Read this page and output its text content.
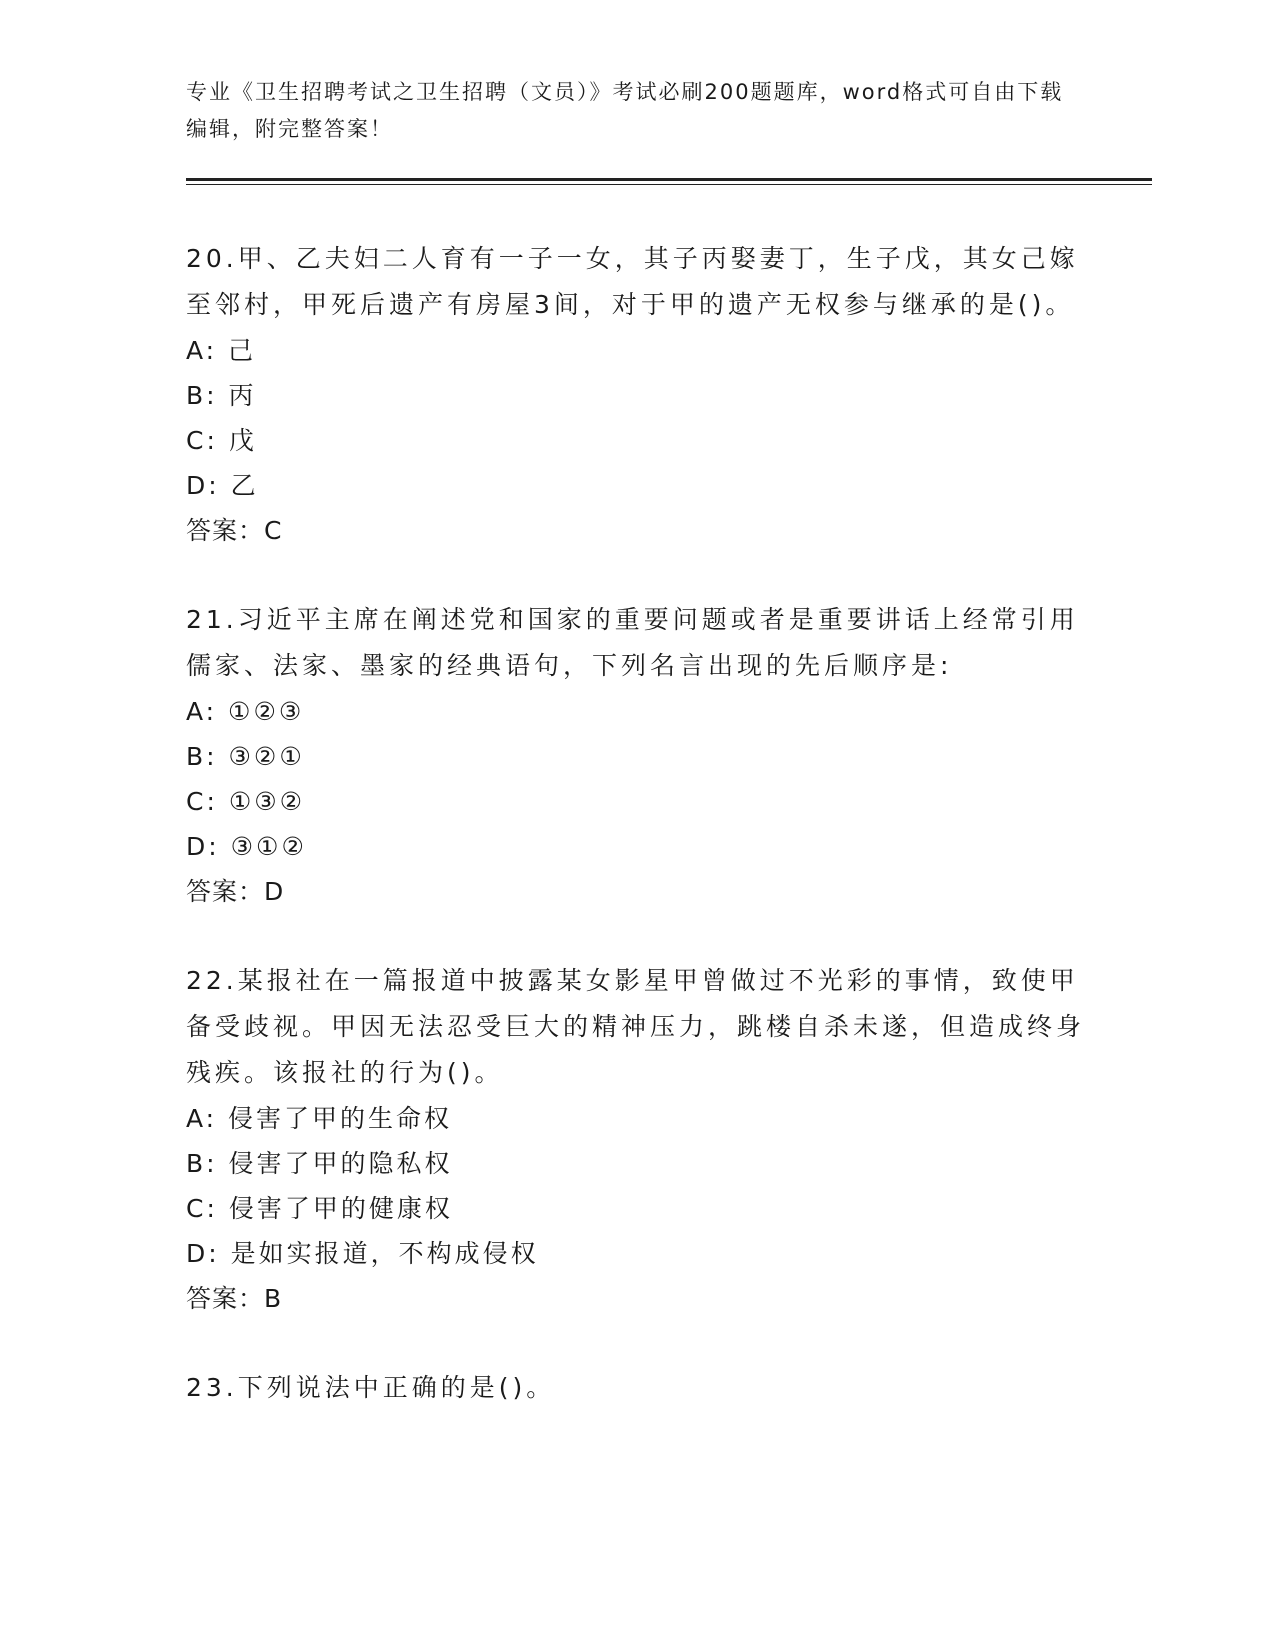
专业《卫生招聘考试之卫生招聘（文员）》考试必刷200题题库，word格式可自由下载编辑，附完整答案！
20.甲、乙夫妇二人育有一子一女，其子丙娶妻丁，生子戊，其女己嫁至邻村，甲死后遗产有房屋3间，对于甲的遗产无权参与继承的是()。
A: 己
B: 丙
C: 戊
D: 乙
答案：C
21.习近平主席在阐述党和国家的重要问题或者是重要讲话上经常引用儒家、法家、墨家的经典语句，下列名言出现的先后顺序是:
A: ①②③
B: ③②①
C: ①③②
D: ③①②
答案：D
22.某报社在一篇报道中披露某女影星甲曾做过不光彩的事情，致使甲备受歧视。甲因无法忍受巨大的精神压力，跳楼自杀未遂，但造成终身残疾。该报社的行为()。
A: 侵害了甲的生命权
B: 侵害了甲的隐私权
C: 侵害了甲的健康权
D: 是如实报道，不构成侵权
答案：B
23.下列说法中正确的是()。
